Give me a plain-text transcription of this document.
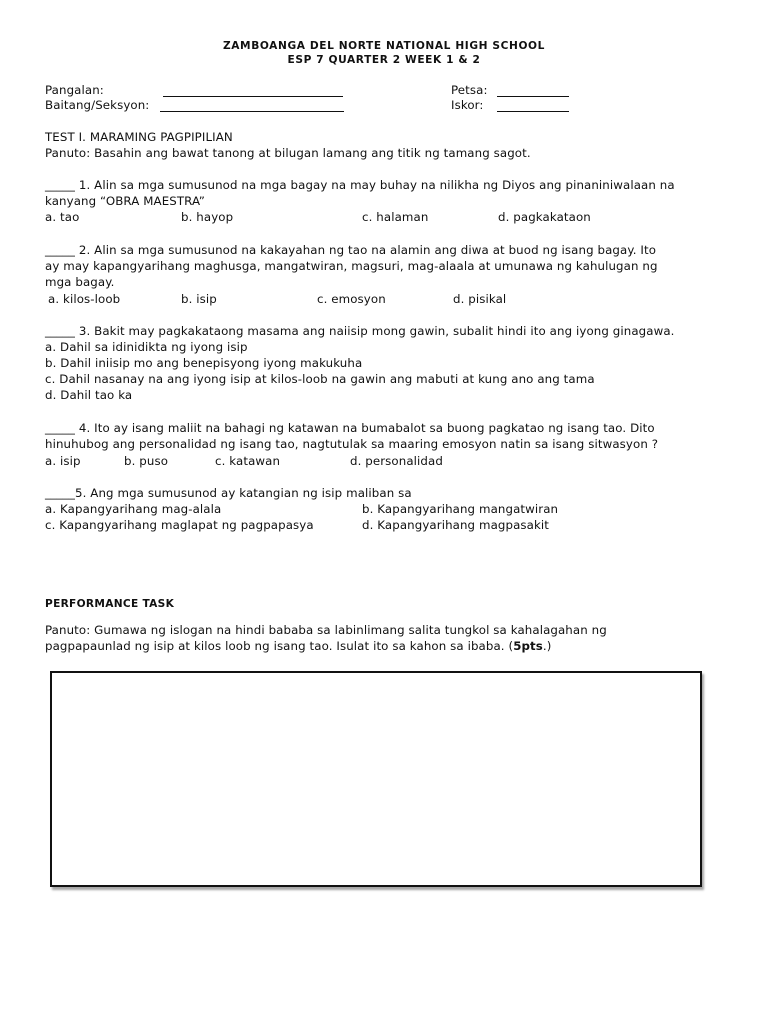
ZAMBOANGA DEL NORTE NATIONAL HIGH SCHOOL
ESP 7 QUARTER 2 WEEK 1 & 2
Pangalan:
Baitang/Seksyon:
Petsa:
Iskor:
TEST I. MARAMING PAGPIPILIAN
Panuto: Basahin ang bawat tanong at bilugan lamang ang titik ng tamang sagot.
_____ 1. Alin sa mga sumusunod na mga bagay na may buhay na nilikha ng Diyos ang pinaniniwalaan na
kanyang “OBRA MAESTRA”
a. tao	b. hayop	c. halaman	d. pagkakataon
_____ 2. Alin sa mga sumusunod na kakayahan ng tao na alamin ang diwa at buod ng isang bagay. Ito
ay may kapangyarihang maghusga, mangatwiran, magsuri, mag-alaala at umunawa ng kahulugan ng
mga bagay.
a. kilos-loob	b. isip	c. emosyon	d. pisikal
_____ 3. Bakit may pagkakataong masama ang naiisip mong gawin, subalit hindi ito ang iyong ginagawa.
a. Dahil sa idinidikta ng iyong isip
b. Dahil iniisip mo ang benepisyong iyong makukuha
c. Dahil nasanay na ang iyong isip at kilos-loob na gawin ang mabuti at kung ano ang tama
d. Dahil tao ka
_____ 4. Ito ay isang maliit na bahagi ng katawan na bumabalot sa buong pagkatao ng isang tao. Dito
hinuhubog ang personalidad ng isang tao, nagtutulak sa maaring emosyon natin sa isang sitwasyon ?
a. isip	b. puso	c. katawan	d. personalidad
_____5. Ang mga sumusunod ay katangian ng isip maliban sa
a. Kapangyarihang mag-alala	b. Kapangyarihang mangatwiran
c. Kapangyarihang maglapat ng pagpapasya	d. Kapangyarihang magpasakit
PERFORMANCE TASK
Panuto: Gumawa ng islogan na hindi bababa sa labinlimang salita tungkol sa kahalagahan ng
pagpapaunlad ng isip at kilos loob ng isang tao. Isulat ito sa kahon sa ibaba. (5pts.)
